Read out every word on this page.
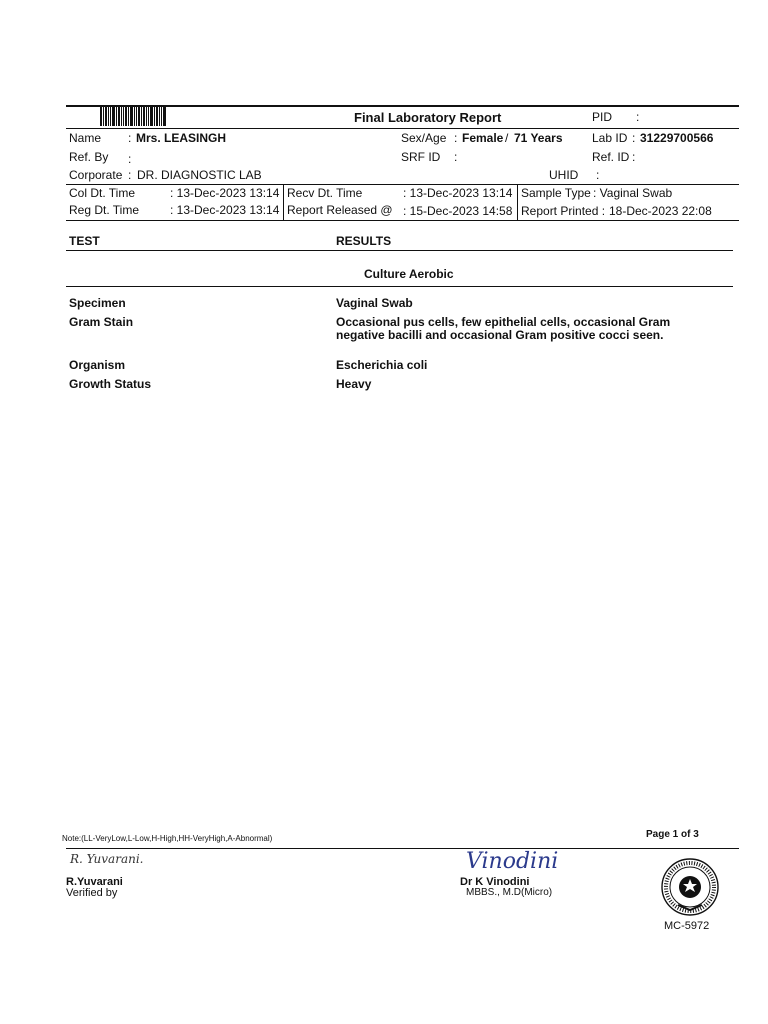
Final Laboratory Report	PID :
Name : Mrs. LEASINGH	Sex/Age : Female / 71 Years Lab ID : 31229700566
Ref. By :	SRF ID :	Ref. ID :
Corporate : DR. DIAGNOSTIC LAB	UHID :
Col Dt. Time	: 13-Dec-2023 13:14 Recv Dt. Time	: 13-Dec-2023 13:14 Sample Type : Vaginal Swab
Reg Dt. Time	: 13-Dec-2023 13:14 Report Released @ : 15-Dec-2023 14:58 Report Printed : 18-Dec-2023 22:08
TEST	RESULTS
Culture Aerobic
Specimen	Vaginal Swab
Gram Stain	Occasional pus cells, few epithelial cells, occasional Gram
negative bacilli and occasional Gram positive cocci seen.
Organism	Escherichia coli
Growth Status	Heavy
Note:(LL-VeryLow,L-Low,H-High,HH-VeryHigh,A-Abnormal)	Page 1 of 3
R. Yuvarani.
R.Yuvarani
Verified by
Vinodini
Dr K Vinodini
MBBS., M.D(Micro)
MC-5972
